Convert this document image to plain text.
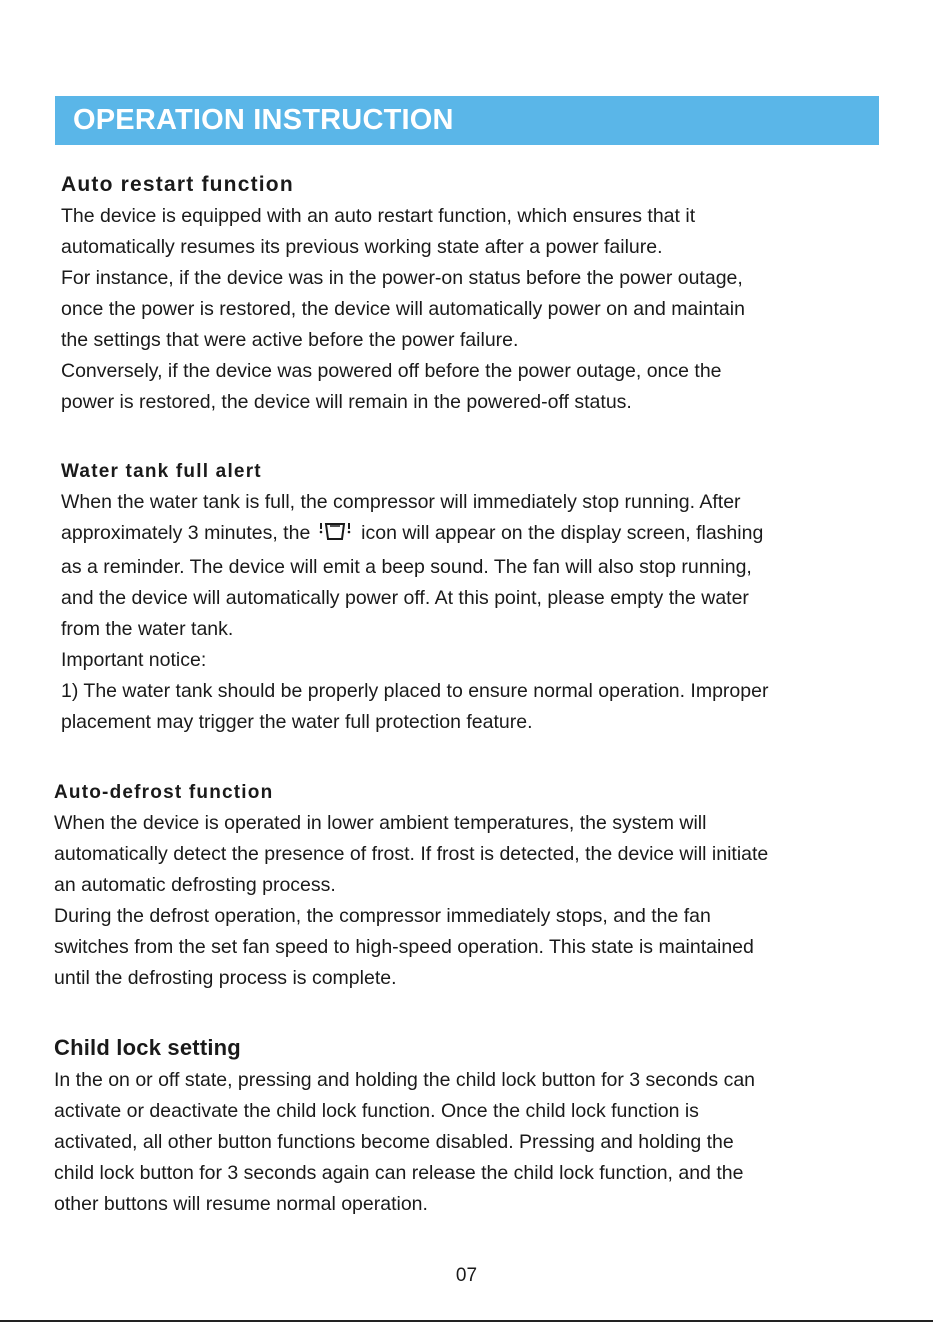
OPERATION INSTRUCTION
Auto restart function
The device is equipped with an auto restart function, which ensures that it
automatically resumes its previous working state after a power failure.
For instance, if the device was in the power-on status before the power outage,
once the power is restored, the device will automatically power on and maintain
the settings that were active before the power failure.
Conversely, if the device was powered off before the power outage, once the
power is restored, the device will remain in the powered-off status.
Water tank full alert
When the water tank is full, the compressor will immediately stop running. After
approximately 3 minutes, the	icon will appear on the display screen, flashing
as a reminder. The device will emit a beep sound. The fan will also stop running,
and the device will automatically power off. At this point, please empty the water
from the water tank.
Important notice:
1) The water tank should be properly placed to ensure normal operation. Improper
placement may trigger the water full protection feature.
Auto-defrost function
When the device is operated in lower ambient temperatures, the system will
automatically detect the presence of frost. If frost is detected, the device will initiate
an automatic defrosting process.
During the defrost operation, the compressor immediately stops, and the fan
switches from the set fan speed to high-speed operation. This state is maintained
until the defrosting process is complete.
Child lock setting
In the on or off state, pressing and holding the child lock button for 3 seconds can
activate or deactivate the child lock function. Once the child lock function is
activated, all other button functions become disabled. Pressing and holding the
child lock button for 3 seconds again can release the child lock function, and the
other buttons will resume normal operation.
07
